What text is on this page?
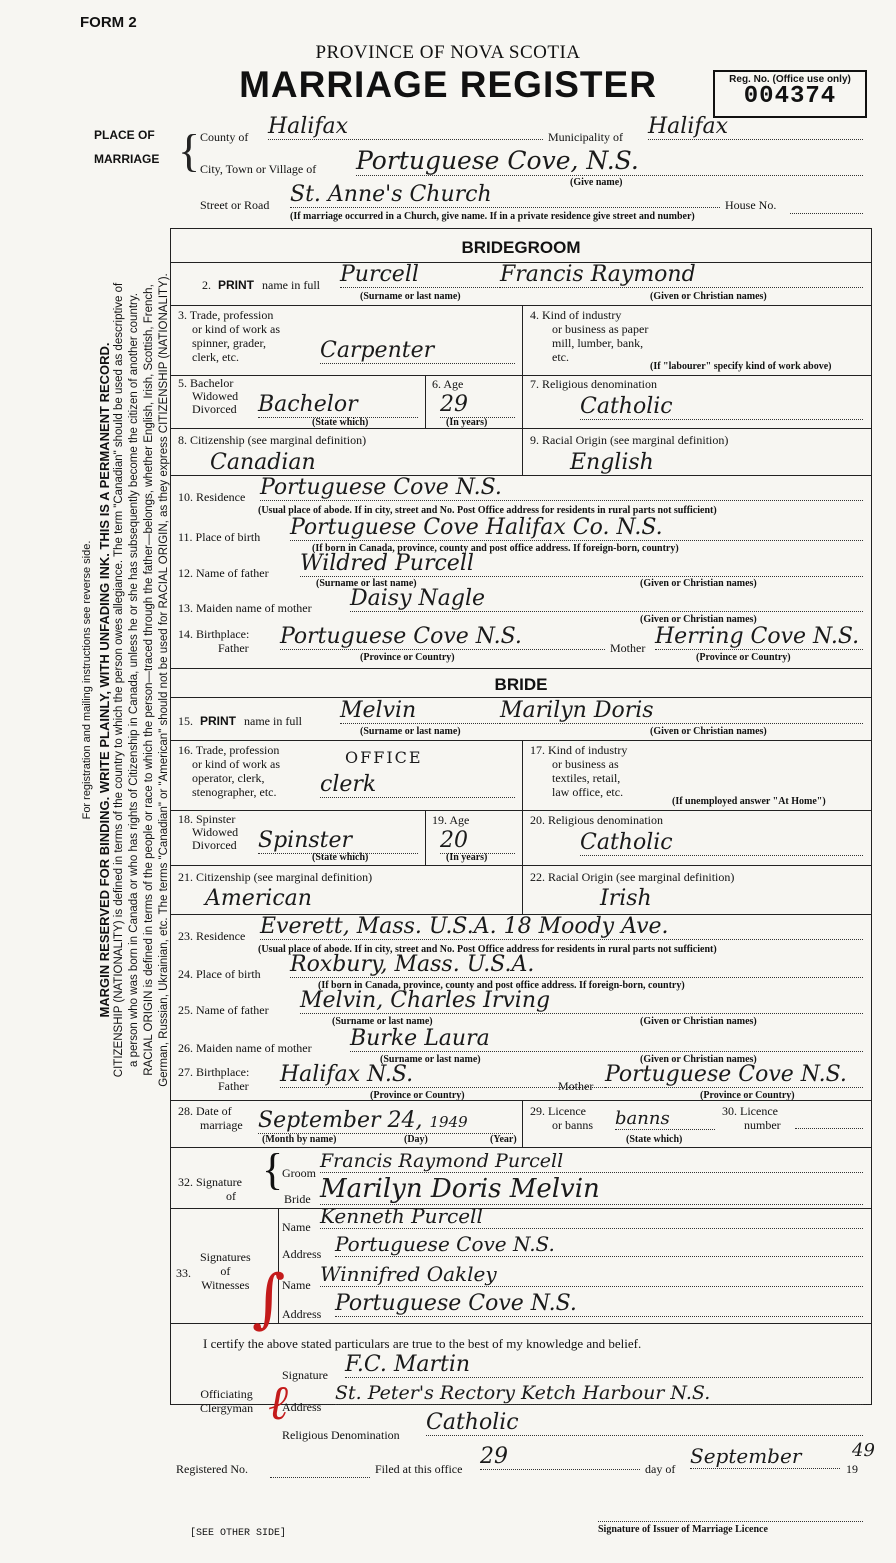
FORM 2
PROVINCE OF NOVA SCOTIA
MARRIAGE REGISTER	Reg. No. (Office use only)
004374
PLACE OF
MARRIAGE { County of Halifax	Municipality of Halifax
City, Town or Village of Portuguese Cove, N.S.
(Give name)
Street or Road St. Anne's Church	House No.
(If marriage occurred in a Church, give name. If in a private residence give street and number)
BRIDEGROOM
2. PRINT name in full Purcell	Francis Raymond
(Surname or last name)	(Given or Christian names)
3. Trade, profession
or kind of work as
spinner, grader,
clerk, etc.	Carpenter
4. Kind of industry
or business as paper
mill, lumber, bank,
etc.
(If "labourer" specify kind of work above)
5. Bachelor
Widowed
Divorced Bachelor
(State which)
6. Age
29
(In years)
7. Religious denomination
Catholic
8. Citizenship (see marginal definition)
Canadian
9. Racial Origin (see marginal definition)
English
10. Residence Portuguese Cove N.S.
(Usual place of abode. If in city, street and No. Post Office address for residents in rural parts not sufficient)
11. Place of birth Portuguese Cove Halifax Co. N.S.
(If born in Canada, province, county and post office address. If foreign-born, country)
12. Name of father Wildred Purcell
(Surname or last name)	(Given or Christian names)
13. Maiden name of mother Daisy Nagle
(Given or Christian names)
14. Birthplace:
Father Portuguese Cove N.S.	Mother Herring Cove N.S.
(Province or Country)	(Province or Country)
BRIDE
15. PRINT name in full Melvin	Marilyn Doris
(Surname or last name)	(Given or Christian names)
16. Trade, profession
or kind of work as
operator, clerk,
stenographer, etc.
OFFICE
clerk
17. Kind of industry
or business as
textiles, retail,
law office, etc.
(If unemployed answer "At Home")
18. Spinster
Widowed
Divorced Spinster
(State which)
19. Age
20
(In years)
20. Religious denomination
Catholic
21. Citizenship (see marginal definition)
American
22. Racial Origin (see marginal definition)
Irish
23. Residence Everett, Mass. U.S.A. 18 Moody Ave.
(Usual place of abode. If in city, street and No. Post Office address for residents in rural parts not sufficient)
24. Place of birth Roxbury, Mass. U.S.A.
(If born in Canada, province, county and post office address. If foreign-born, country)
25. Name of father Melvin, Charles Irving
(Surname or last name)	(Given or Christian names)
26. Maiden name of mother Burke Laura
(Surname or last name)	(Given or Christian names)
27. Birthplace:
Father Halifax N.S.	Mother Portuguese Cove N.S.
(Province or Country)	(Province or Country)
28. Date of
marriage September 24, 1949
(Month by name)	(Day)	(Year)
29. Licence
or banns banns
(State which)
30. Licence
number
32. Signature
of
{
Groom
Francis Raymond Purcell
Bride Marilyn Doris Melvin
Signatures
of
Witnesses
33.
Name Kenneth Purcell
Address Portuguese Cove N.S.
Name Winnifred Oakley
Address Portuguese Cove N.S.
I certify the above stated particulars are true to the best of my knowledge and belief.
Signature F.C. Martin
Officiating
Clergyman Address
St. Peter's Rectory Ketch Harbour N.S.
Religious Denomination Catholic
Registered No.	Filed at this office 29	day of
September
19
49
Signature of Issuer of Marriage Licence
[SEE OTHER SIDE]
∫
ℓ
For registration and mailing instructions see reverse side. MARGIN RESERVED FOR BINDING. WRITE PLAINLY, WITH UNFADING INK. THIS IS A PERMANENT RECORD. CITIZENSHIP (NATIONALITY) is defined in terms of the country to which the person owes allegiance. The term "Canadian" should be used as descriptive of a person who was born in Canada or who has rights of Citizenship in Canada, unless he or she has subsequently become the citizen of another country. RACIAL ORIGIN is defined in terms of the people or race to which the person—traced through the father—belongs, whether English, Irish, Scottish, French, German, Russian, Ukrainian, etc. The terms "Canadian" or "American" should not be used for RACIAL ORIGIN, as they express CITIZENSHIP (NATIONALITY).
